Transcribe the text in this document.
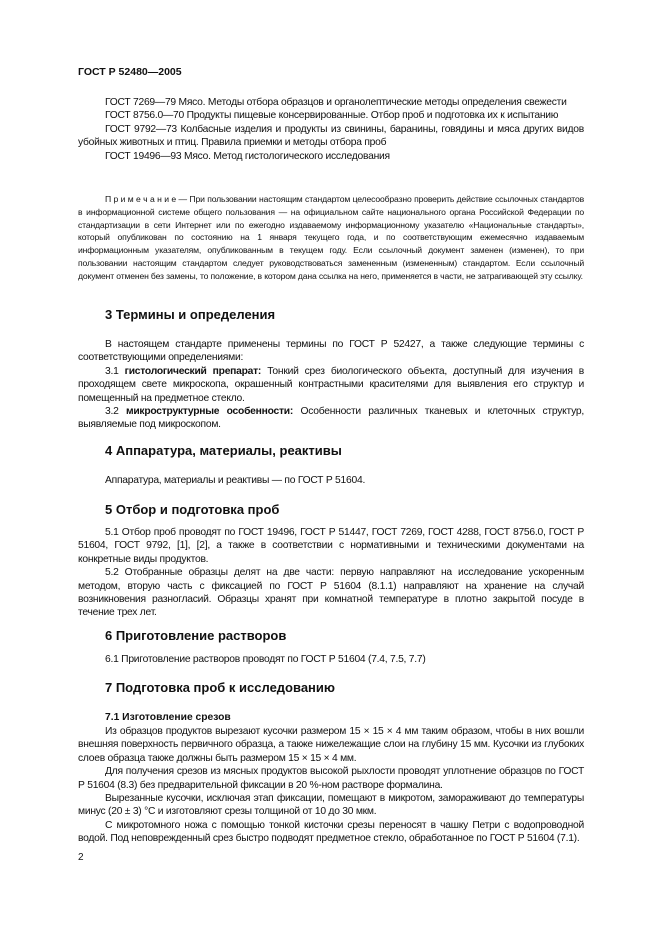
ГОСТ Р 52480—2005

ГОСТ 7269—79 Мясо. Методы отбора образцов и органолептические методы определения свежести

ГОСТ 8756.0—70 Продукты пищевые консервированные. Отбор проб и подготовка их к испытанию

ГОСТ 9792—73 Колбасные изделия и продукты из свинины, баранины, говядины и мяса других видов убойных животных и птиц. Правила приемки и методы отбора проб

ГОСТ 19496—93 Мясо. Метод гистологического исследования

П р и м е ч а н и е — При пользовании настоящим стандартом целесообразно проверить действие ссылочных стандартов в информационной системе общего пользования — на официальном сайте национального органа Российской Федерации по стандартизации в сети Интернет или по ежегодно издаваемому информационному указателю «Национальные стандарты», который опубликован по состоянию на 1 января текущего года, и по соответствующим ежемесячно издаваемым информационным указателям, опубликованным в текущем году. Если ссылочный документ заменен (изменен), то при пользовании настоящим стандартом следует руководствоваться замененным (измененным) стандартом. Если ссылочный документ отменен без замены, то положение, в котором дана ссылка на него, применяется в части, не затрагивающей эту ссылку.

3 Термины и определения

В настоящем стандарте применены термины по ГОСТ Р 52427, а также следующие термины с соответствующими определениями:

3.1 гистологический препарат: Тонкий срез биологического объекта, доступный для изучения в проходящем свете микроскопа, окрашенный контрастными красителями для выявления его структур и помещенный на предметное стекло.

3.2 микроструктурные особенности: Особенности различных тканевых и клеточных структур, выявляемые под микроскопом.

4 Аппаратура, материалы, реактивы

Аппаратура, материалы и реактивы — по ГОСТ Р 51604.

5 Отбор и подготовка проб

5.1 Отбор проб проводят по ГОСТ 19496, ГОСТ Р 51447, ГОСТ 7269, ГОСТ 4288, ГОСТ 8756.0, ГОСТ Р 51604, ГОСТ 9792, [1], [2], а также в соответствии с нормативными и техническими документами на конкретные виды продуктов.

5.2 Отобранные образцы делят на две части: первую направляют на исследование ускоренным методом, вторую часть с фиксацией по ГОСТ Р 51604 (8.1.1) направляют на хранение на случай возникновения разногласий. Образцы хранят при комнатной температуре в плотно закрытой посуде в течение трех лет.

6 Приготовление растворов

6.1 Приготовление растворов проводят по ГОСТ Р 51604 (7.4, 7.5, 7.7)

7 Подготовка проб к исследованию
7.1 Изготовление срезов

Из образцов продуктов вырезают кусочки размером 15 × 15 × 4 мм таким образом, чтобы в них вошли внешняя поверхность первичного образца, а также нижележащие слои на глубину 15 мм. Кусочки из глубоких слоев образца также должны быть размером 15 × 15 × 4 мм.

Для получения срезов из мясных продуктов высокой рыхлости проводят уплотнение образцов по ГОСТ Р 51604 (8.3) без предварительной фиксации в 20 %-ном растворе формалина.

Вырезанные кусочки, исключая этап фиксации, помещают в микротом, замораживают до температуры минус (20 ± 3) °С и изготовляют срезы толщиной от 10 до 30 мкм.

С микротомного ножа с помощью тонкой кисточки срезы переносят в чашку Петри с водопроводной водой. Под неповрежденный срез быстро подводят предметное стекло, обработанное по ГОСТ Р 51604 (7.1).

2
